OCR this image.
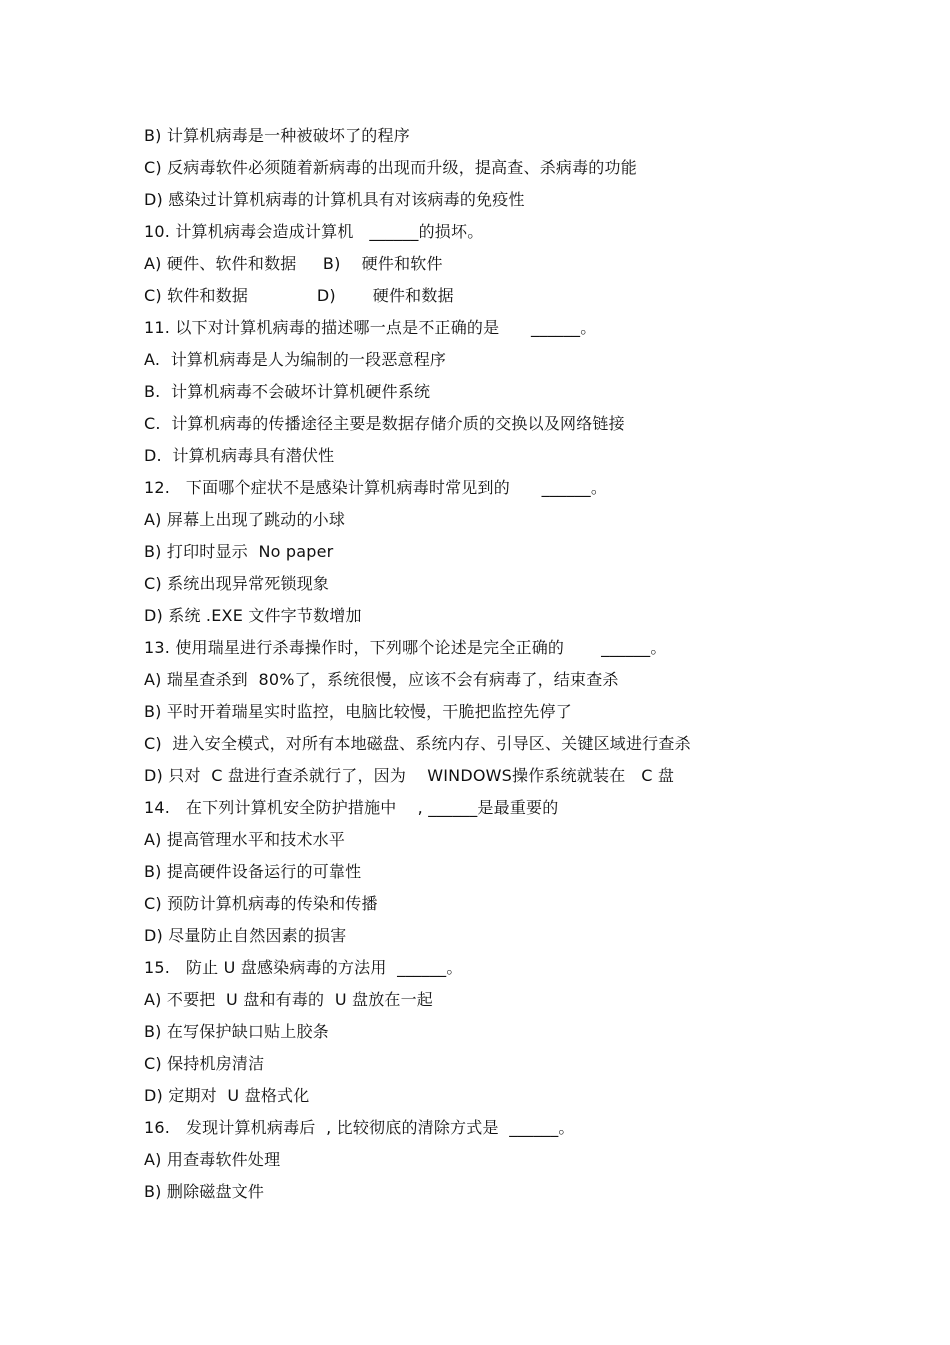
B) 计算机病毒是一种被破坏了的程序
C) 反病毒软件必须随着新病毒的出现而升级，提高查、杀病毒的功能
D) 感染过计算机病毒的计算机具有对该病毒的免疫性
10. 计算机病毒会造成计算机   ______的损坏。
A) 硬件、软件和数据     B)    硬件和软件
C) 软件和数据             D)       硬件和数据
11. 以下对计算机病毒的描述哪一点是不正确的是      ______。
A.  计算机病毒是人为编制的一段恶意程序
B.  计算机病毒不会破坏计算机硬件系统
C.  计算机病毒的传播途径主要是数据存储介质的交换以及网络链接
D.  计算机病毒具有潜伏性
12.   下面哪个症状不是感染计算机病毒时常见到的      ______。
A) 屏幕上出现了跳动的小球
B) 打印时显示  No paper
C) 系统出现异常死锁现象
D) 系统 .EXE 文件字节数增加
13. 使用瑞星进行杀毒操作时，下列哪个论述是完全正确的       ______。
A) 瑞星查杀到  80%了，系统很慢，应该不会有病毒了，结束查杀
B) 平时开着瑞星实时监控，电脑比较慢，干脆把监控先停了
C)  进入安全模式，对所有本地磁盘、系统内存、引导区、关键区域进行查杀
D) 只对  C 盘进行查杀就行了，因为    WINDOWS操作系统就装在   C 盘
14.   在下列计算机安全防护措施中    , ______是最重要的
A) 提高管理水平和技术水平
B) 提高硬件设备运行的可靠性
C) 预防计算机病毒的传染和传播
D) 尽量防止自然因素的损害
15.   防止 U 盘感染病毒的方法用  ______。
A) 不要把  U 盘和有毒的  U 盘放在一起
B) 在写保护缺口贴上胶条
C) 保持机房清洁
D) 定期对  U 盘格式化
16.   发现计算机病毒后  , 比较彻底的清除方式是  ______。
A) 用查毒软件处理
B) 删除磁盘文件
